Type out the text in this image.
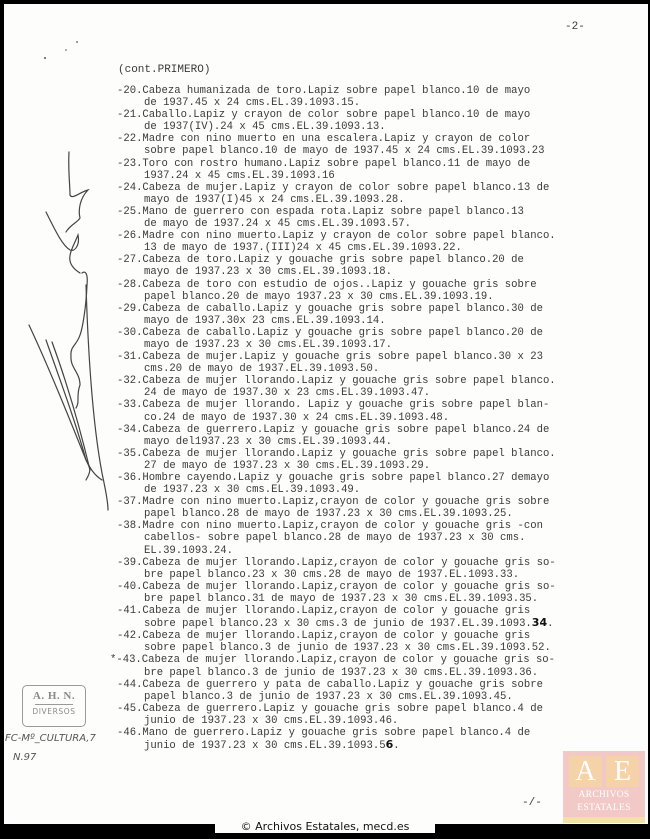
-2-
(cont.PRIMERO)
-20.Cabeza humanizada de toro.Lapiz sobre papel blanco.10 de mayo
de 1937.45 x 24 cms.EL.39.1093.15.
-21.Caballo.Lapiz y crayon de color sobre papel blanco.10 de mayo
de 1937(IV).24 x 45 cms.EL.39.1093.13.
-22.Madre con nino muerto en una escalera.Lapiz y crayon de color
sobre papel blanco.10 de mayo de 1937.45 x 24 cms.EL.39.1093.23
-23.Toro con rostro humano.Lapiz sobre papel blanco.11 de mayo de
1937.24 x 45 cms.EL.39.1093.16
-24.Cabeza de mujer.Lapiz y crayon de color sobre papel blanco.13 de
mayo de 1937(I)45 x 24 cms.EL.39.1093.28.
-25.Mano de guerrero con espada rota.Lapiz sobre papel blanco.13
de mayo de 1937.24 x 45 cms.EL.39.1093.57.
-26.Madre con nino muerto.Lapiz y crayon de color sobre papel blanco.
13 de mayo de 1937.(III)24 x 45 cms.EL.39.1093.22.
-27.Cabeza de toro.Lapiz y gouache gris sobre papel blanco.20 de
mayo de 1937.23 x 30 cms.EL.39.1093.18.
-28.Cabeza de toro con estudio de ojos..Lapiz y gouache gris sobre
papel blanco.20 de mayo 1937.23 x 30 cms.EL.39.1093.19.
-29.Cabeza de caballo.Lapiz y gouache gris sobre papel blanco.30 de
mayo de 1937.30x 23 cms.EL.39.1093.14.
-30.Cabeza de caballo.Lapiz y gouache gris sobre papel blanco.20 de
mayo de 1937.23 x 30 cms.EL.39.1093.17.
-31.Cabeza de mujer.Lapiz y gouache gris sobre papel blanco.30 x 23
cms.20 de mayo de 1937.EL.39.1093.50.
-32.Cabeza de mujer llorando.Lapiz y gouache gris sobre papel blanco.
24 de mayo de 1937.30 x 23 cms.EL.39.1093.47.
-33.Cabeza de mujer llorando. Lapiz y gouache gris sobre papel blan-
co.24 de mayo de 1937.30 x 24 cms.EL.39.1093.48.
-34.Cabeza de guerrero.Lapiz y gouache gris sobre papel blanco.24 de
mayo del1937.23 x 30 cms.EL.39.1093.44.
-35.Cabeza de mujer llorando.Lapiz y gouache gris sobre papel blanco.
27 de mayo de 1937.23 x 30 cms.EL.39.1093.29.
-36.Hombre cayendo.Lapiz y gouache gris sobre papel blanco.27 demayo
de 1937.23 x 30 cms.EL.39.1093.49.
-37.Madre con nino muerto.Lapiz,crayon de color y gouache gris sobre
papel blanco.28 de mayo de 1937.23 x 30 cms.EL.39.1093.25.
-38.Madre con nino muerto.Lapiz,crayon de color y gouache gris -con
cabellos- sobre papel blanco.28 de mayo de 1937.23 x 30 cms.
EL.39.1093.24.
-39.Cabeza de mujer llorando.Lapiz,crayon de color y gouache gris so-
bre papel blanco.23 x 30 cms.28 de mayo de 1937.EL.1093.33.
-40.Cabeza de mujer llorando.Lapiz,crayon de color y gouache gris so-
bre papel blanco.31 de mayo de 1937.23 x 30 cms.EL.39.1093.35.
-41.Cabeza de mujer llorando.Lapiz,crayon de color y gouache gris
sobre papel blanco.23 x 30 cms.3 de junio de 1937.EL.39.1093.34.
-42.Cabeza de mujer llorando.Lapiz,crayon de color y gouache gris
sobre papel blanco.3 de junio de 1937.23 x 30 cms.EL.39.1093.52.
*-43.Cabeza de mujer llorando.Lapiz,crayon de color y gouache gris so-
bre papel blanco.3 de junio de 1937.23 x 30 cms.EL.39.1093.36.
-44.Cabeza de guerrero y pata de caballo.Lapiz y gouache gris sobre
papel blanco.3 de junio de 1937.23 x 30 cms.EL.39.1093.45.
-45.Cabeza de guerrero.Lapiz y gouache gris sobre papel blanco.4 de
junio de 1937.23 x 30 cms.EL.39.1093.46.
-46.Mano de guerrero.Lapiz y gouache gris sobre papel blanco.4 de
junio de 1937.23 x 30 cms.EL.39.1093.56.
-/-
A. H. N.
DIVERSOS
FC-Mº_CULTURA,7
N.97	A E
ARCHIVOS
ESTATALES
© Archivos Estatales, mecd.es
